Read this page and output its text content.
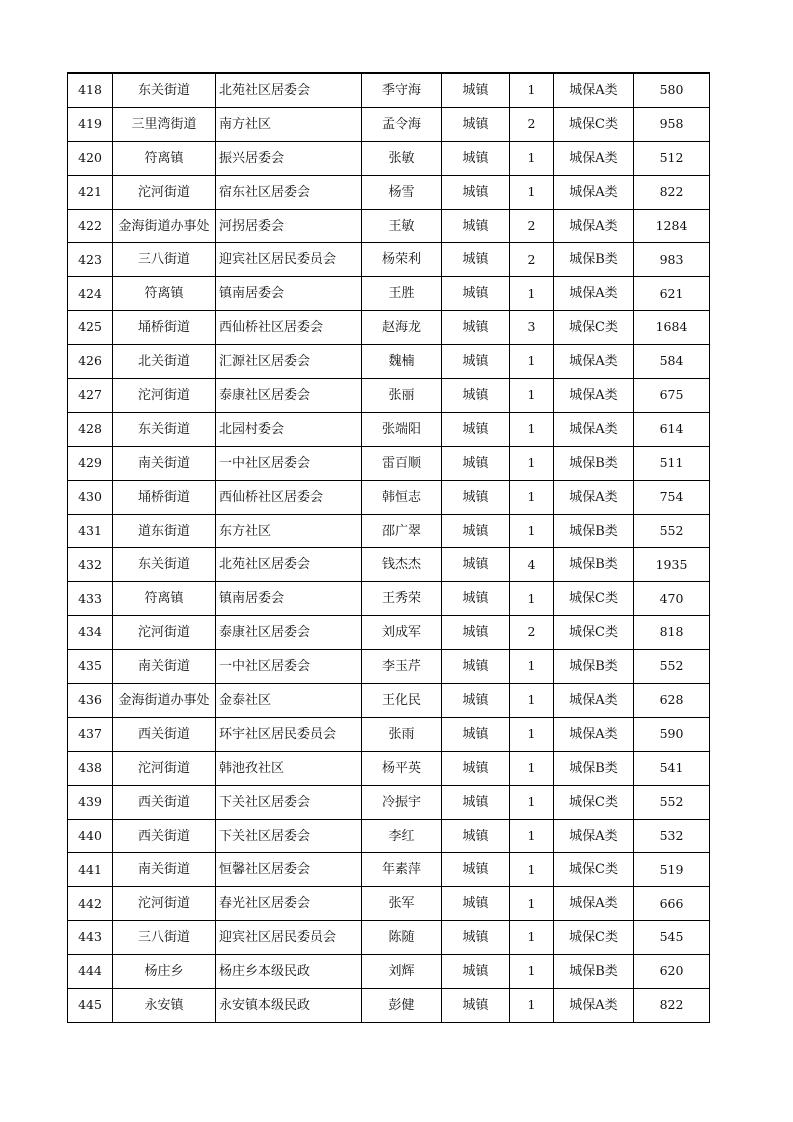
418	东关街道	北苑社区居委会	季守海	城镇	1	城保A类	580
419	三里湾街道	南方社区	孟令海	城镇	2	城保C类	958
420	符离镇	振兴居委会	张敏	城镇	1	城保A类	512
421	沱河街道	宿东社区居委会	杨雪	城镇	1	城保A类	822
422	金海街道办事处	河拐居委会	王敏	城镇	2	城保A类	1284
423	三八街道	迎宾社区居民委员会	杨荣利	城镇	2	城保B类	983
424	符离镇	镇南居委会	王胜	城镇	1	城保A类	621
425	埇桥街道	西仙桥社区居委会	赵海龙	城镇	3	城保C类	1684
426	北关街道	汇源社区居委会	魏楠	城镇	1	城保A类	584
427	沱河街道	泰康社区居委会	张丽	城镇	1	城保A类	675
428	东关街道	北园村委会	张端阳	城镇	1	城保A类	614
429	南关街道	一中社区居委会	雷百顺	城镇	1	城保B类	511
430	埇桥街道	西仙桥社区居委会	韩恒志	城镇	1	城保A类	754
431	道东街道	东方社区	邵广翠	城镇	1	城保B类	552
432	东关街道	北苑社区居委会	钱杰杰	城镇	4	城保B类	1935
433	符离镇	镇南居委会	王秀荣	城镇	1	城保C类	470
434	沱河街道	泰康社区居委会	刘成军	城镇	2	城保C类	818
435	南关街道	一中社区居委会	李玉芹	城镇	1	城保B类	552
436	金海街道办事处	金泰社区	王化民	城镇	1	城保A类	628
437	西关街道	环宇社区居民委员会	张雨	城镇	1	城保A类	590
438	沱河街道	韩池孜社区	杨平英	城镇	1	城保B类	541
439	西关街道	下关社区居委会	冷振宇	城镇	1	城保C类	552
440	西关街道	下关社区居委会	李红	城镇	1	城保A类	532
441	南关街道	恒馨社区居委会	年素萍	城镇	1	城保C类	519
442	沱河街道	春光社区居委会	张军	城镇	1	城保A类	666
443	三八街道	迎宾社区居民委员会	陈随	城镇	1	城保C类	545
444	杨庄乡	杨庄乡本级民政	刘辉	城镇	1	城保B类	620
445	永安镇	永安镇本级民政	彭健	城镇	1	城保A类	822
